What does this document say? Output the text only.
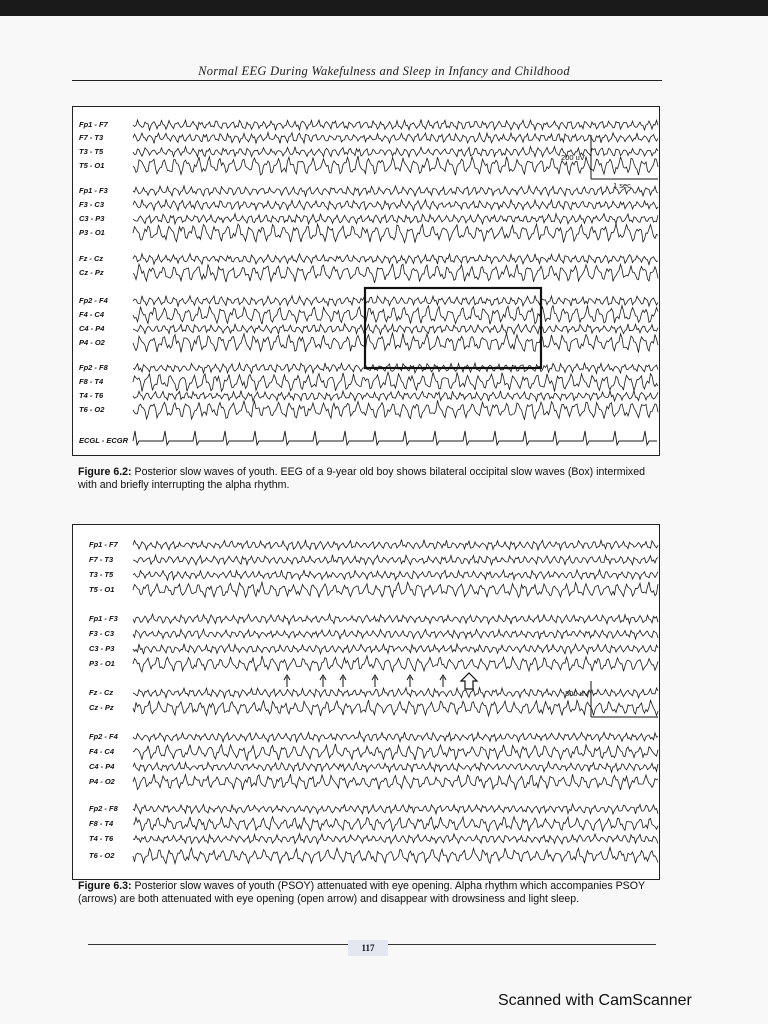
Normal EEG During Wakefulness and Sleep in Infancy and Childhood
Fp1 - F7
F7 - T3
T3 - T5
T5 - O1
Fp1 - F3
F3 - C3
C3 - P3
P3 - O1
Fz - Cz
Cz - Pz
Fp2 - F4
F4 - C4
C4 - P4
P4 - O2
Fp2 - F8
F8 - T4
T4 - T6
T6 - O2
ECGL - ECGR
200 uV
1 sec
Figure 6.2: Posterior slow waves of youth. EEG of a 9-year old boy shows bilateral occipital slow waves (Box) intermixed with and briefly interrupting the alpha rhythm.
Fp1 - F7
F7 - T3
T3 - T5
T5 - O1
Fp1 - F3
F3 - C3
C3 - P3
P3 - O1
Fz - Cz
Cz - Pz
Fp2 - F4
F4 - C4
C4 - P4
P4 - O2
Fp2 - F8
F8 - T4
T4 - T6
T6 - O2
300 uV
Figure 6.3: Posterior slow waves of youth (PSOY) attenuated with eye opening. Alpha rhythm which accompanies PSOY (arrows) are both attenuated with eye opening (open arrow) and disappear with drowsiness and light sleep.
117
Scanned with CamScanner
